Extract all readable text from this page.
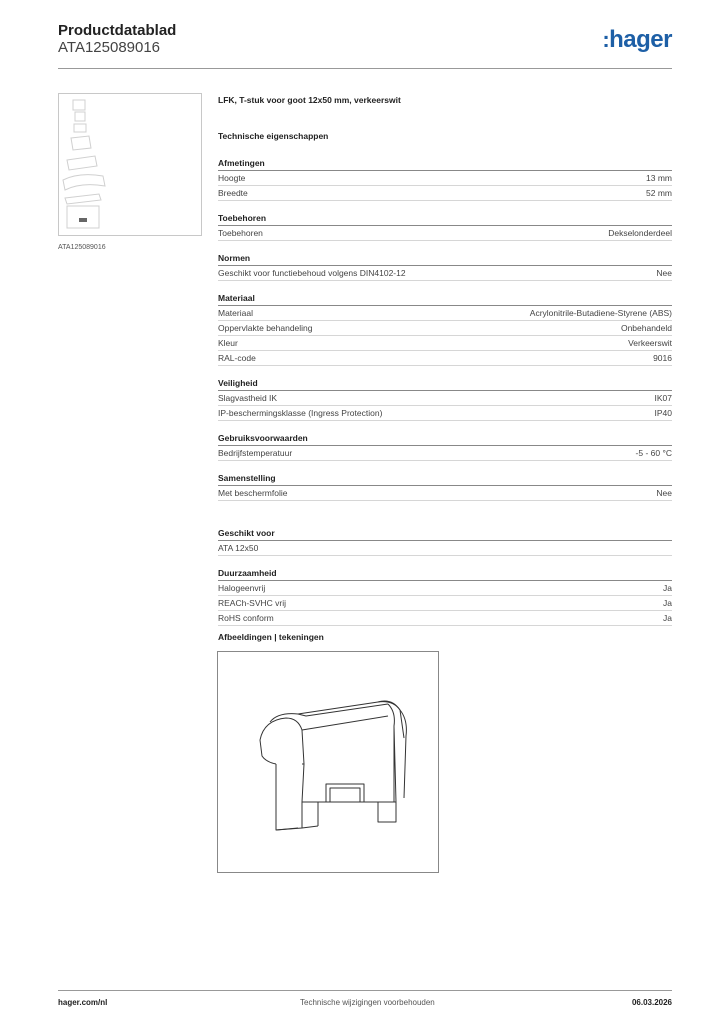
Productdatablad
ATA125089016	:hager
ATA125089016
LFK, T-stuk voor goot 12x50 mm, verkeerswit
Technische eigenschappen
Afmetingen
Hoogte	13 mm
Breedte	52 mm
Toebehoren
Toebehoren	Dekselonderdeel
Normen
Geschikt voor functiebehoud volgens DIN4102-12	Nee
Materiaal
Materiaal	Acrylonitrile-Butadiene-Styrene (ABS)
Oppervlakte behandeling	Onbehandeld
Kleur	Verkeerswit
RAL-code	9016
Veiligheid
Slagvastheid IK	IK07
IP-beschermingsklasse (Ingress Protection)	IP40
Gebruiksvoorwaarden
Bedrijfstemperatuur	-5 - 60 °C
Samenstelling
Met beschermfolie	Nee
Geschikt voor
ATA 12x50
Duurzaamheid
Halogeenvrij	Ja
REACh-SVHC vrij	Ja
RoHS conform	Ja
Afbeeldingen | tekeningen
hager.com/nl	Technische wijzigingen voorbehouden	06.03.2026
